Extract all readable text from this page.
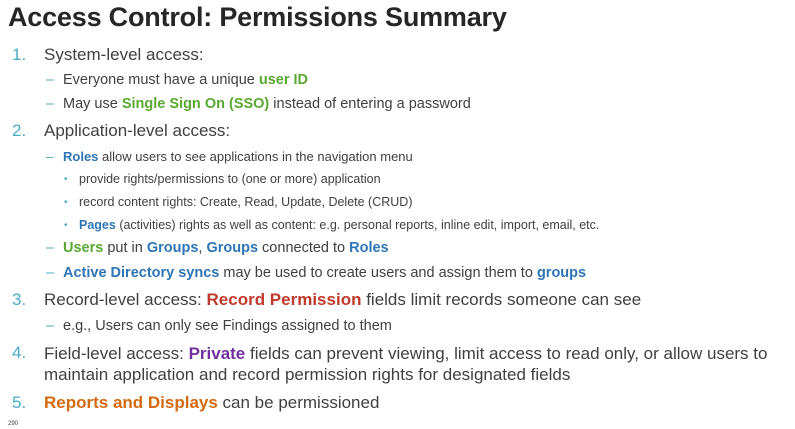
Access Control: Permissions Summary
1. System-level access:
– Everyone must have a unique user ID
– May use Single Sign On (SSO) instead of entering a password
2. Application-level access:
– Roles allow users to see applications in the navigation menu
• provide rights/permissions to (one or more) application
• record content rights: Create, Read, Update, Delete (CRUD)
• Pages (activities) rights as well as content: e.g. personal reports, inline edit, import, email, etc.
– Users put in Groups, Groups connected to Roles
– Active Directory syncs may be used to create users and assign them to groups
3. Record-level access: Record Permission fields limit records someone can see
– e.g., Users can only see Findings assigned to them
4. Field-level access: Private fields can prevent viewing, limit access to read only, or allow users to maintain application and record permission rights for designated fields
5. Reports and Displays can be permissioned
290
